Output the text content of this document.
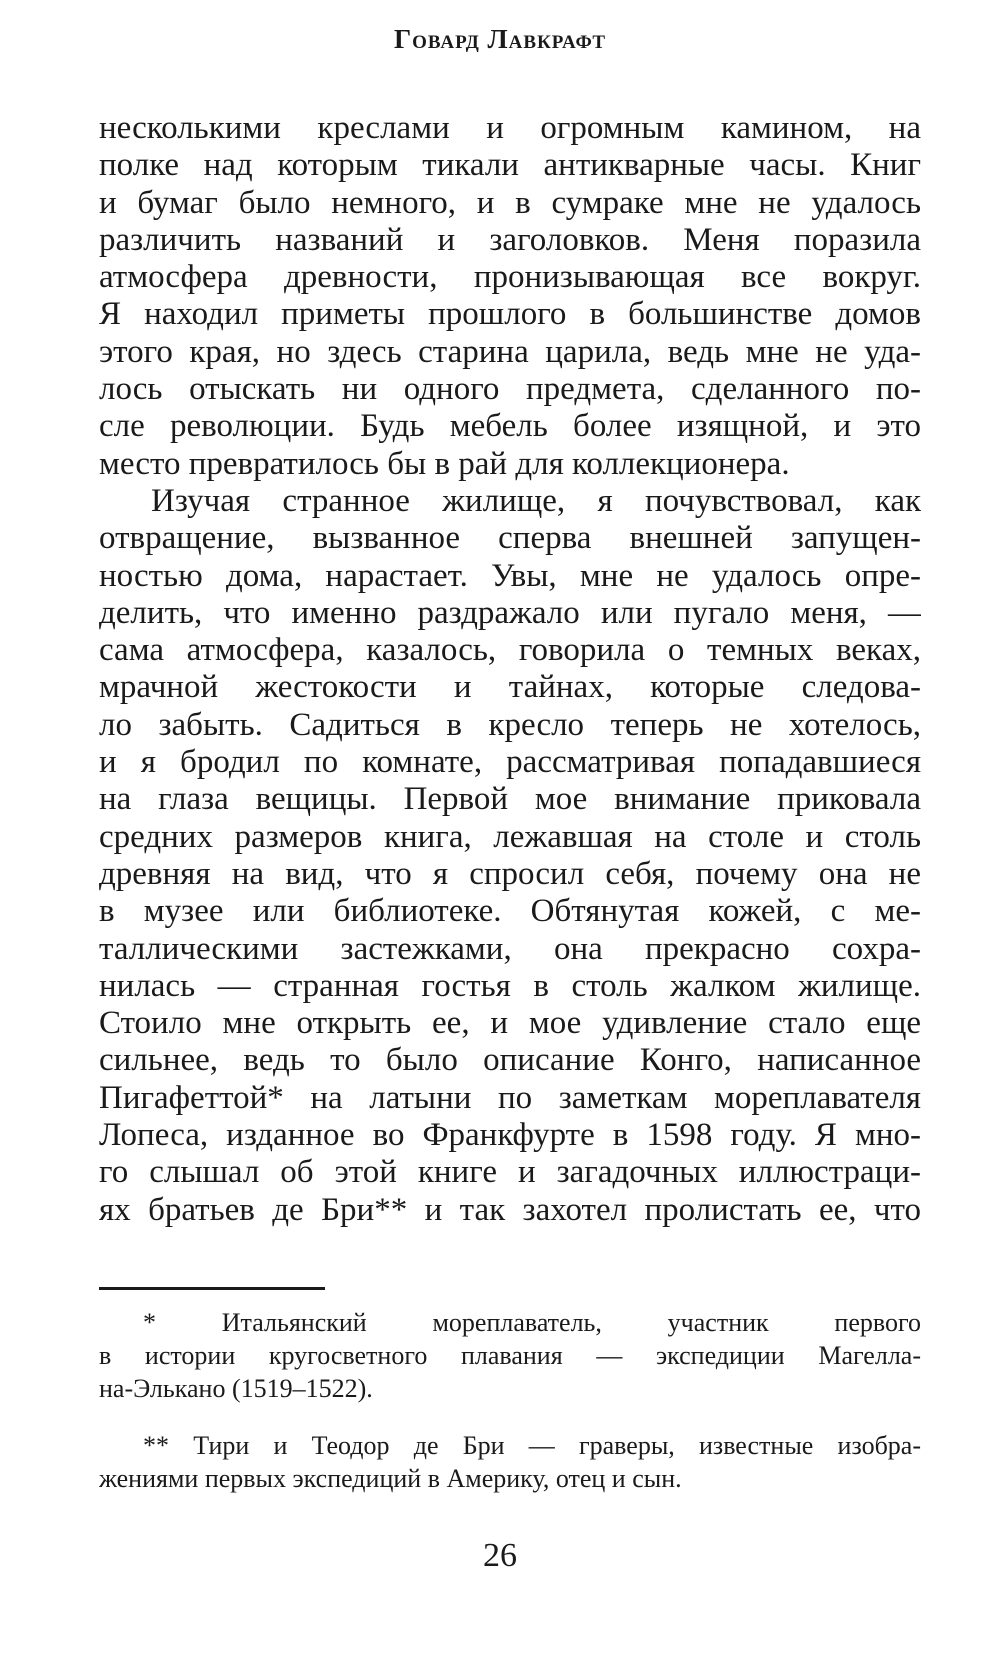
Говард Лавкрафт
несколькими креслами и огромным камином, на
полке над которым тикали антикварные часы. Книг
и бумаг было немного, и в сумраке мне не удалось
различить названий и заголовков. Меня поразила
атмосфера древности, пронизывающая все вокруг.
Я находил приметы прошлого в большинстве домов
этого края, но здесь старина царила, ведь мне не уда-
лось отыскать ни одного предмета, сделанного по-
сле революции. Будь мебель более изящной, и это
место превратилось бы в рай для коллекционера.
Изучая странное жилище, я почувствовал, как
отвращение, вызванное сперва внешней запущен-
ностью дома, нарастает. Увы, мне не удалось опре-
делить, что именно раздражало или пугало меня, —
сама атмосфера, казалось, говорила о темных веках,
мрачной жестокости и тайнах, которые следова-
ло забыть. Садиться в кресло теперь не хотелось,
и я бродил по комнате, рассматривая попадавшиеся
на глаза вещицы. Первой мое внимание приковала
средних размеров книга, лежавшая на столе и столь
древняя на вид, что я спросил себя, почему она не
в музее или библиотеке. Обтянутая кожей, с ме-
таллическими застежками, она прекрасно сохра-
нилась — странная гостья в столь жалком жилище.
Стоило мне открыть ее, и мое удивление стало еще
сильнее, ведь то было описание Конго, написанное
Пигафеттой* на латыни по заметкам мореплавателя
Лопеса, изданное во Франкфурте в 1598 году. Я мно-
го слышал об этой книге и загадочных иллюстраци-
ях братьев де Бри** и так захотел пролистать ее, что
* Итальянский мореплаватель, участник первого
в истории кругосветного плавания — экспедиции Магелла-
на-Элькано (1519–1522).
** Тири и Теодор де Бри — граверы, известные изобра-
жениями первых экспедиций в Америку, отец и сын.
26
